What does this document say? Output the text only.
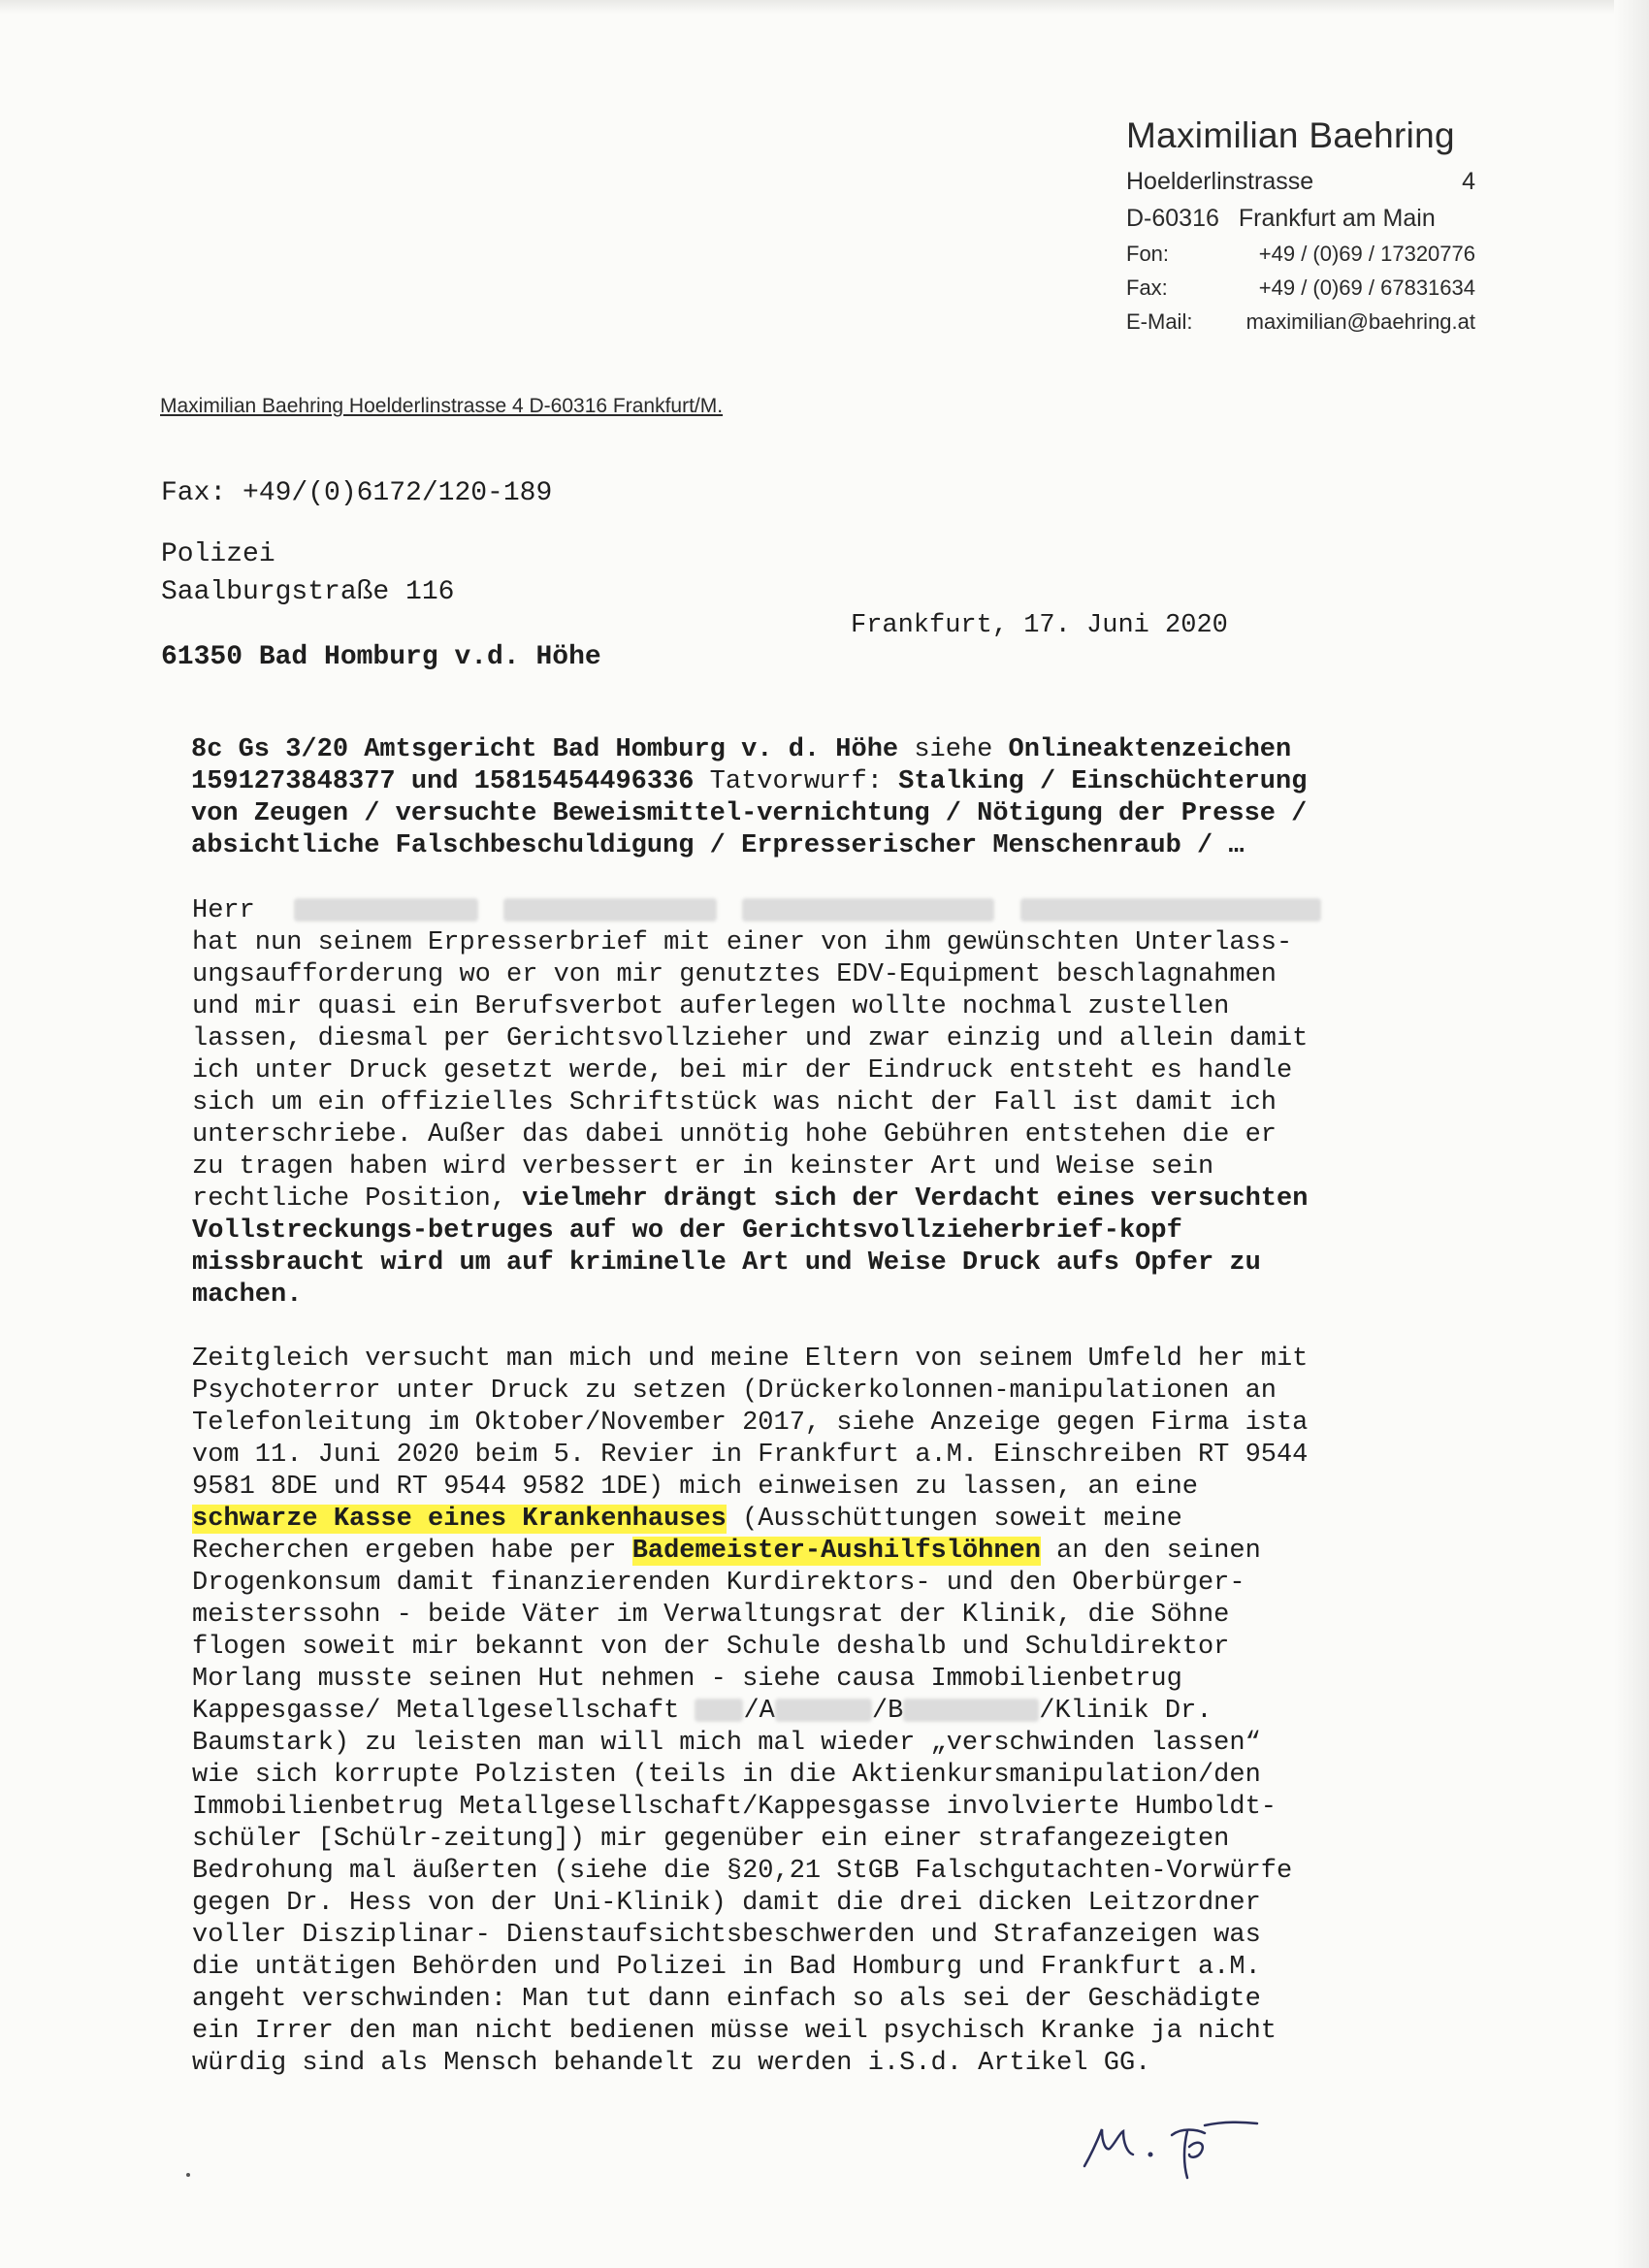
Maximilian Baehring
Hoelderlinstrasse	4
D-60316 Frankfurt am Main
Fon:	+49 / (0)69 / 17320776
Fax:	+49 / (0)69 / 67831634
E-Mail:	maximilian@baehring.at
Maximilian Baehring Hoelderlinstrasse 4 D-60316 Frankfurt/M.
Fax: +49/(0)6172/120-189
Polizei
Saalburgstraße 116
61350 Bad Homburg v.d. Höhe
Frankfurt, 17. Juni 2020
8c Gs 3/20 Amtsgericht Bad Homburg v. d. Höhe siehe Onlineaktenzeichen
1591273848377 und 15815454496336 Tatvorwurf: Stalking / Einschüchterung
von Zeugen / versuchte Beweismittel-vernichtung / Nötigung der Presse /
absichtliche Falschbeschuldigung / Erpresserischer Menschenraub / …
Herr
hat nun seinem Erpresserbrief mit einer von ihm gewünschten Unterlass-
ungsaufforderung wo er von mir genutztes EDV-Equipment beschlagnahmen
und mir quasi ein Berufsverbot auferlegen wollte nochmal zustellen
lassen, diesmal per Gerichtsvollzieher und zwar einzig und allein damit
ich unter Druck gesetzt werde, bei mir der Eindruck entsteht es handle
sich um ein offizielles Schriftstück was nicht der Fall ist damit ich
unterschriebe. Außer das dabei unnötig hohe Gebühren entstehen die er
zu tragen haben wird verbessert er in keinster Art und Weise sein
rechtliche Position, vielmehr drängt sich der Verdacht eines versuchten
Vollstreckungs-betruges auf wo der Gerichtsvollzieherbrief-kopf
missbraucht wird um auf kriminelle Art und Weise Druck aufs Opfer zu
machen.
Zeitgleich versucht man mich und meine Eltern von seinem Umfeld her mit
Psychoterror unter Druck zu setzen (Drückerkolonnen-manipulationen an
Telefonleitung im Oktober/November 2017, siehe Anzeige gegen Firma ista
vom 11. Juni 2020 beim 5. Revier in Frankfurt a.M. Einschreiben RT 9544
9581 8DE und RT 9544 9582 1DE) mich einweisen zu lassen, an eine
schwarze Kasse eines Krankenhauses (Ausschüttungen soweit meine
Recherchen ergeben habe per Bademeister-Aushilfslöhnen an den seinen
Drogenkonsum damit finanzierenden Kurdirektors- und den Oberbürger-
meisterssohn - beide Väter im Verwaltungsrat der Klinik, die Söhne
flogen soweit mir bekannt von der Schule deshalb und Schuldirektor
Morlang musste seinen Hut nehmen - siehe causa Immobilienbetrug
Kappesgasse/ Metallgesellschaft /A	/B	/Klinik Dr.
Baumstark) zu leisten man will mich mal wieder „verschwinden lassen“
wie sich korrupte Polzisten (teils in die Aktienkursmanipulation/den
Immobilienbetrug Metallgesellschaft/Kappesgasse involvierte Humboldt-
schüler [Schülr-zeitung]) mir gegenüber ein einer strafangezeigten
Bedrohung mal äußerten (siehe die §20,21 StGB Falschgutachten-Vorwürfe
gegen Dr. Hess von der Uni-Klinik) damit die drei dicken Leitzordner
voller Disziplinar- Dienstaufsichtsbeschwerden und Strafanzeigen was
die untätigen Behörden und Polizei in Bad Homburg und Frankfurt a.M.
angeht verschwinden: Man tut dann einfach so als sei der Geschädigte
ein Irrer den man nicht bedienen müsse weil psychisch Kranke ja nicht
würdig sind als Mensch behandelt zu werden i.S.d. Artikel GG.
